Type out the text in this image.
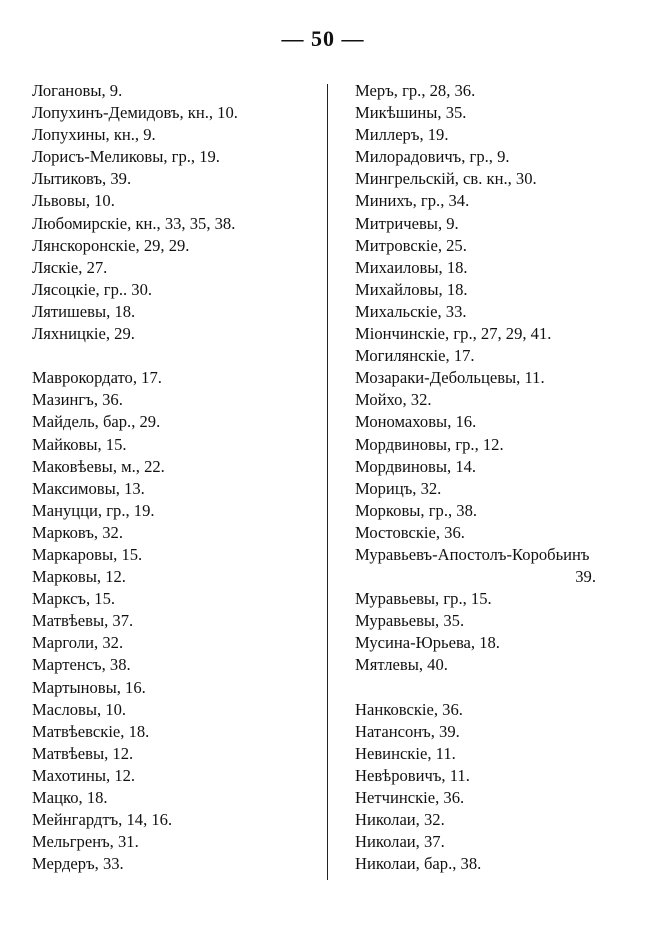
— 50 —
Логановы, 9.
Лопухинъ-Демидовъ, кн., 10.
Лопухины, кн., 9.
Лорисъ-Меликовы, гр., 19.
Лытиковъ, 39.
Львовы, 10.
Любомирскіе, кн., 33, 35, 38.
Лянскоронскіе, 29, 29.
Ляскіе, 27.
Лясоцкіе, гр.. 30.
Лятишевы, 18.
Ляхницкіе, 29.
Маврокордато, 17.
Мазингъ, 36.
Майдель, бар., 29.
Майковы, 15.
Маковѣевы, м., 22.
Максимовы, 13.
Мануцци, гр., 19.
Марковъ, 32.
Маркаровы, 15.
Марковы, 12.
Марксъ, 15.
Матвѣевы, 37.
Марголи, 32.
Мартенсъ, 38.
Мартыновы, 16.
Масловы, 10.
Матвѣевскіе, 18.
Матвѣевы, 12.
Махотины, 12.
Мацко, 18.
Мейнгардтъ, 14, 16.
Мельгренъ, 31.
Мердеръ, 33.
Меръ, гр., 28, 36.
Микѣшины, 35.
Миллеръ, 19.
Милорадовичъ, гр., 9.
Мингрельскій, св. кн., 30.
Минихъ, гр., 34.
Митричевы, 9.
Митровскіе, 25.
Михаиловы, 18.
Михайловы, 18.
Михальскіе, 33.
Міончинскіе, гр., 27, 29, 41.
Могилянскіе, 17.
Мозараки-Дебольцевы, 11.
Мойхо, 32.
Мономаховы, 16.
Мордвиновы, гр., 12.
Мордвиновы, 14.
Морицъ, 32.
Морковы, гр., 38.
Мостовскіе, 36.
Муравьевъ-Апостолъ-Коробьинъ
39.
Муравьевы, гр., 15.
Муравьевы, 35.
Мусина-Юрьева, 18.
Мятлевы, 40.
Нанковскіе, 36.
Натансонъ, 39.
Невинскіе, 11.
Невѣровичъ, 11.
Нетчинскіе, 36.
Николаи, 32.
Николаи, 37.
Николаи, бар., 38.
